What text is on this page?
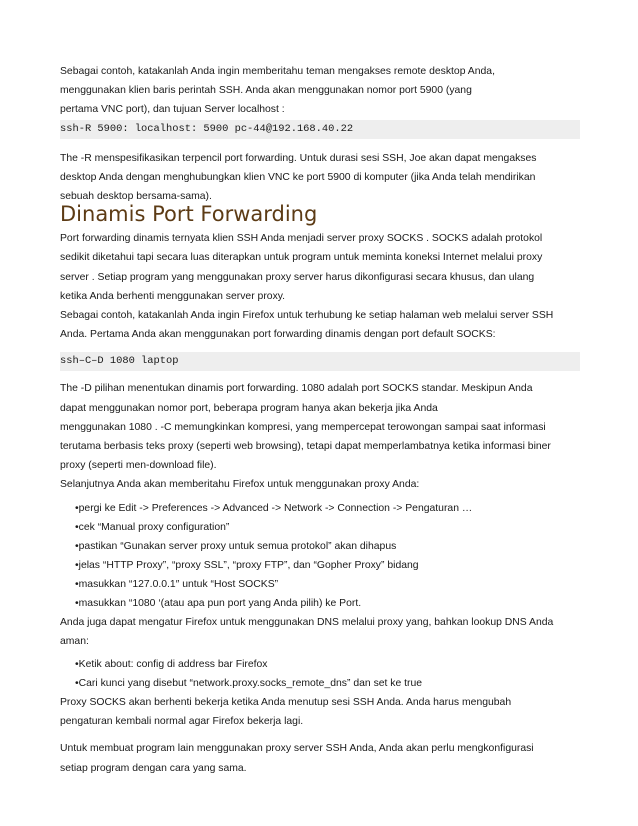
Sebagai contoh, katakanlah Anda ingin memberitahu teman mengakses remote desktop Anda,

menggunakan klien baris perintah SSH. Anda akan menggunakan nomor port 5900 (yang

pertama VNC port), dan tujuan Server localhost :

ssh-R 5900: localhost: 5900 pc-44@192.168.40.22

The -R menspesifikasikan terpencil port forwarding. Untuk durasi sesi SSH, Joe akan dapat mengakses

desktop Anda dengan menghubungkan klien VNC ke port 5900 di komputer (jika Anda telah mendirikan

sebuah desktop bersama-sama).

Dinamis Port Forwarding

Port forwarding dinamis ternyata klien SSH Anda menjadi server proxy SOCKS . SOCKS adalah protokol

sedikit diketahui tapi secara luas diterapkan untuk program untuk meminta koneksi Internet melalui proxy

server . Setiap program yang menggunakan proxy server harus dikonfigurasi secara khusus, dan ulang

ketika Anda berhenti menggunakan server proxy.

Sebagai contoh, katakanlah Anda ingin Firefox untuk terhubung ke setiap halaman web melalui server SSH

Anda. Pertama Anda akan menggunakan port forwarding dinamis dengan port default SOCKS:

ssh–C–D 1080 laptop

The -D pilihan menentukan dinamis port forwarding. 1080 adalah port SOCKS standar. Meskipun Anda

dapat menggunakan nomor port, beberapa program hanya akan bekerja jika Anda

menggunakan 1080 . -C memungkinkan kompresi, yang mempercepat terowongan sampai saat informasi

terutama berbasis teks proxy (seperti web browsing), tetapi dapat memperlambatnya ketika informasi biner

proxy (seperti men-download file).

Selanjutnya Anda akan memberitahu Firefox untuk menggunakan proxy Anda:

•pergi ke Edit -> Preferences -> Advanced -> Network -> Connection -> Pengaturan …
•cek “Manual proxy configuration”
•pastikan “Gunakan server proxy untuk semua protokol” akan dihapus
•jelas “HTTP Proxy”, “proxy SSL”, “proxy FTP”, dan “Gopher Proxy” bidang
•masukkan “127.0.0.1″ untuk “Host SOCKS”
•masukkan “1080 ‘(atau apa pun port yang Anda pilih) ke Port.

Anda juga dapat mengatur Firefox untuk menggunakan DNS melalui proxy yang, bahkan lookup DNS Anda

aman:

•Ketik about: config di address bar Firefox
•Cari kunci yang disebut “network.proxy.socks_remote_dns” dan set ke true

Proxy SOCKS akan berhenti bekerja ketika Anda menutup sesi SSH Anda. Anda harus mengubah

pengaturan kembali normal agar Firefox bekerja lagi.

Untuk membuat program lain menggunakan proxy server SSH Anda, Anda akan perlu mengkonfigurasi

setiap program dengan cara yang sama.
